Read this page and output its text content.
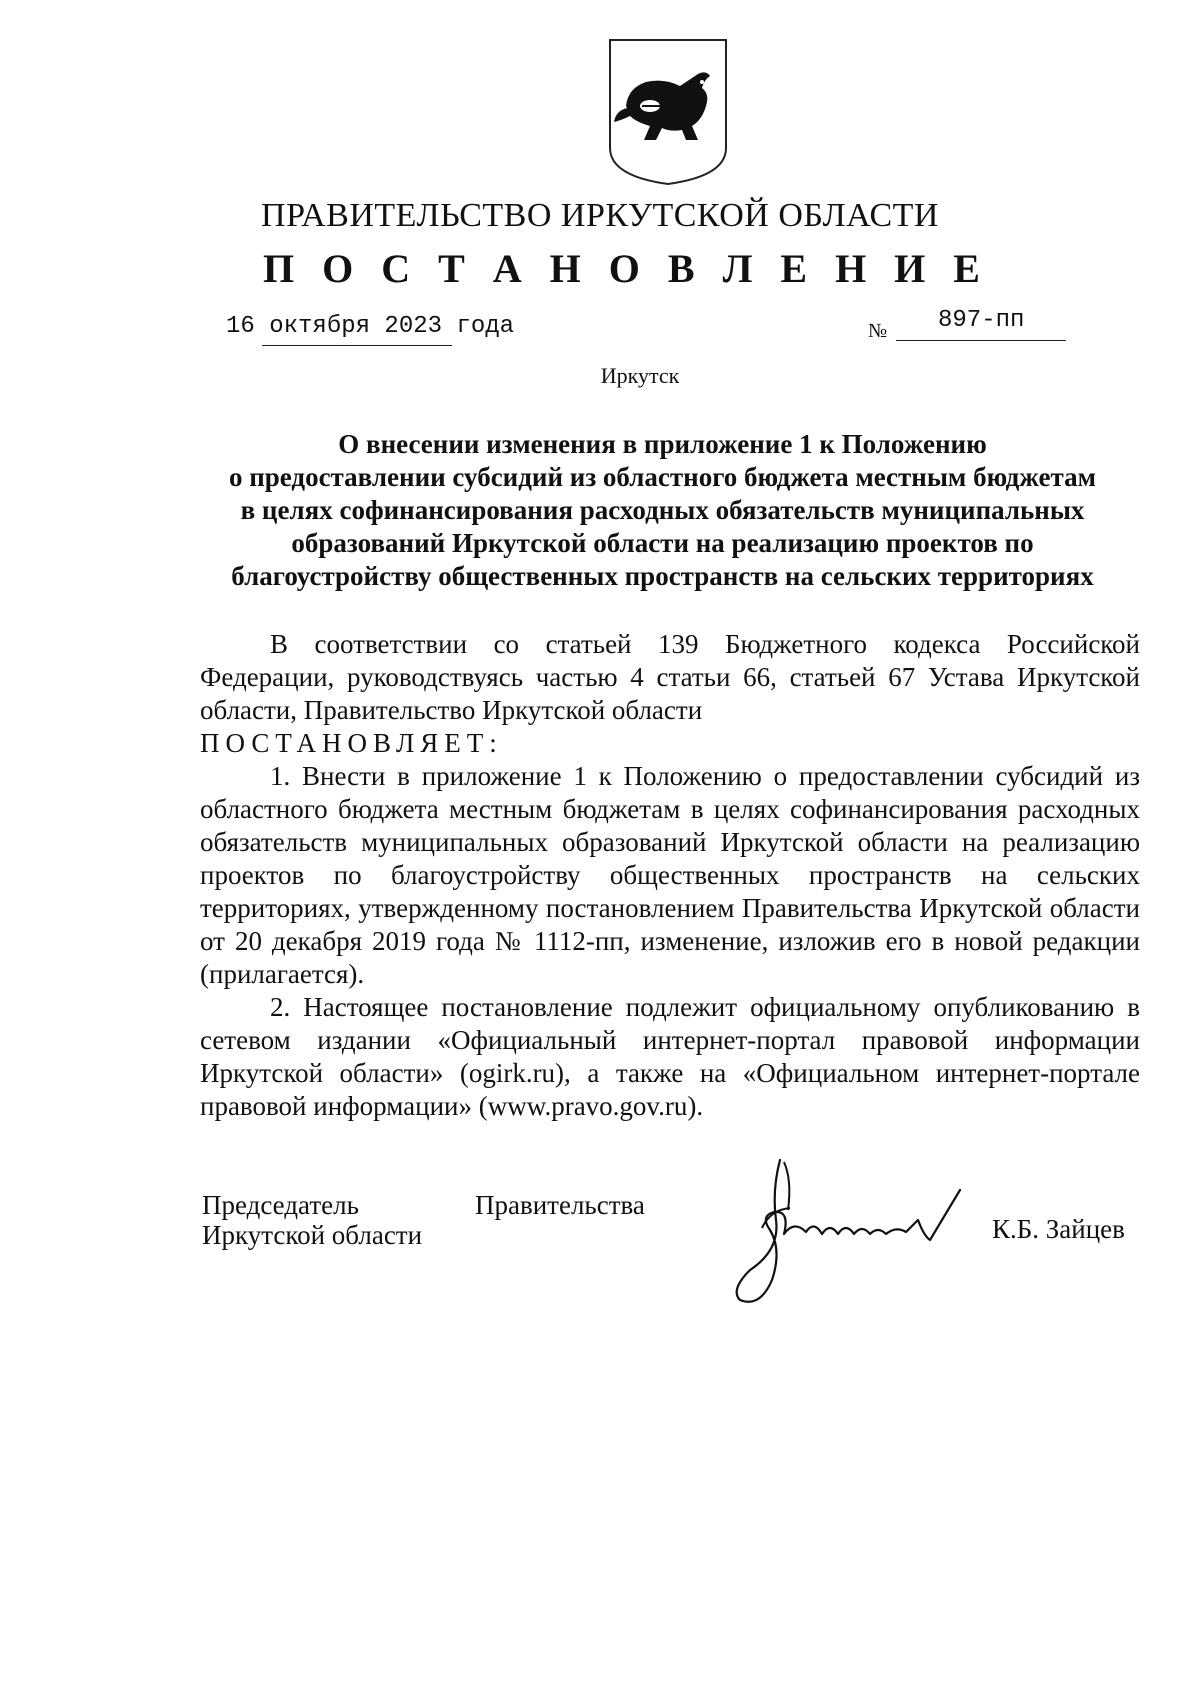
ПРАВИТЕЛЬСТВО ИРКУТСКОЙ ОБЛАСТИ
П О С Т А Н О В Л Е Н И Е
16 октября 2023 года	№ 897-пп
Иркутск
О внесении изменения в приложение 1 к Положению
о предоставлении субсидий из областного бюджета местным бюджетам
в целях софинансирования расходных обязательств муниципальных
образований Иркутской области на реализацию проектов по
благоустройству общественных пространств на сельских территориях

В соответствии со статьей 139 Бюджетного кодекса Российской Федерации, руководствуясь частью 4 статьи 66, статьей 67 Устава Иркутской области, Правительство Иркутской области

ПОСТАНОВЛЯЕТ:

1. Внести в приложение 1 к Положению о предоставлении субсидий из областного бюджета местным бюджетам в целях софинансирования расходных обязательств муниципальных образований Иркутской области на реализацию проектов по благоустройству общественных пространств на сельских территориях, утвержденному постановлением Правительства Иркутской области от 20 декабря 2019 года № 1112-пп, изменение, изложив его в новой редакции (прилагается).

2. Настоящее постановление подлежит официальному опубликованию в сетевом издании «Официальный интернет-портал правовой информации Иркутской области» (ogirk.ru), а также на «Официальном интернет-портале правовой информации» (www.pravo.gov.ru).

Председатель	Правительства
Иркутской области	К.Б. Зайцев
